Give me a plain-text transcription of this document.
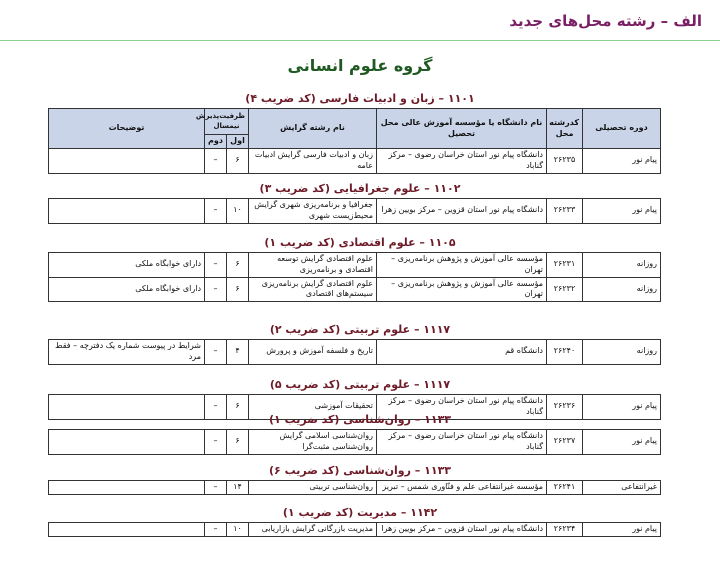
الف – رشته محل‌های جدید
گروه علوم انسانی
۱۱۰۱ – زبان و ادبیات فارسی (کد ضریب ۴)
دوره تحصیلی	کدرشته محل	نام دانشگاه یا مؤسسه آموزش عالی محل تحصیل	نام رشته گرایش	ظرفیت‌پذیرش نیمسال		توضیحات
				اول	دوم	
پیام نور	۲۶۲۳۵	دانشگاه پیام نور استان خراسان رضوی – مرکز گناباد	زبان و ادبیات فارسی گرایش ادبیات عامه	۶	–	
۱۱۰۲ – علوم جغرافیایی (کد ضریب ۳)
پیام نور	۲۶۲۳۳	دانشگاه پیام نور استان قزوین – مرکز بویین زهرا	جغرافیا و برنامه‌ریزی شهری گرایش محیط‌زیست شهری	۱۰	–	
۱۱۰۵ – علوم اقتصادی (کد ضریب ۱)
روزانه	۲۶۲۳۱	مؤسسه عالی آموزش و پژوهش برنامه‌ریزی – تهران	علوم اقتصادی گرایش توسعه اقتصادی و برنامه‌ریزی	۶	–	دارای خوابگاه ملکی
روزانه	۲۶۲۳۲	مؤسسه عالی آموزش و پژوهش برنامه‌ریزی – تهران	علوم اقتصادی گرایش برنامه‌ریزی سیستم‌های اقتصادی	۶	–	دارای خوابگاه ملکی
۱۱۱۷ – علوم تربیتی (کد ضریب ۲)
روزانه	۲۶۲۴۰	دانشگاه قم	تاریخ و فلسفه آموزش و پرورش	۴	–	شرایط در پیوست شماره یک دفترچه – فقط مرد
۱۱۱۷ – علوم تربیتی (کد ضریب ۵)
پیام نور	۲۶۲۳۶	دانشگاه پیام نور استان خراسان رضوی – مرکز گناباد	تحقیقات آموزشی	۶	–	
۱۱۳۳ – روان‌شناسی (کد ضریب ۱)
پیام نور	۲۶۲۳۷	دانشگاه پیام نور استان خراسان رضوی – مرکز گناباد	روان‌شناسی اسلامی گرایش روان‌شناسی مثبت‌گرا	۶	–	
۱۱۳۳ – روان‌شناسی (کد ضریب ۶)
غیرانتفاعی	۲۶۲۴۱	مؤسسه غیرانتفاعی علم و فنّاوری شمس – تبریز	روان‌شناسی تربیتی	۱۴	–	
۱۱۴۲ – مدیریت (کد ضریب ۱)
پیام نور	۲۶۲۳۴	دانشگاه پیام نور استان قزوین – مرکز بویین زهرا	مدیریت بازرگانی گرایش بازاریابی	۱۰	–	
